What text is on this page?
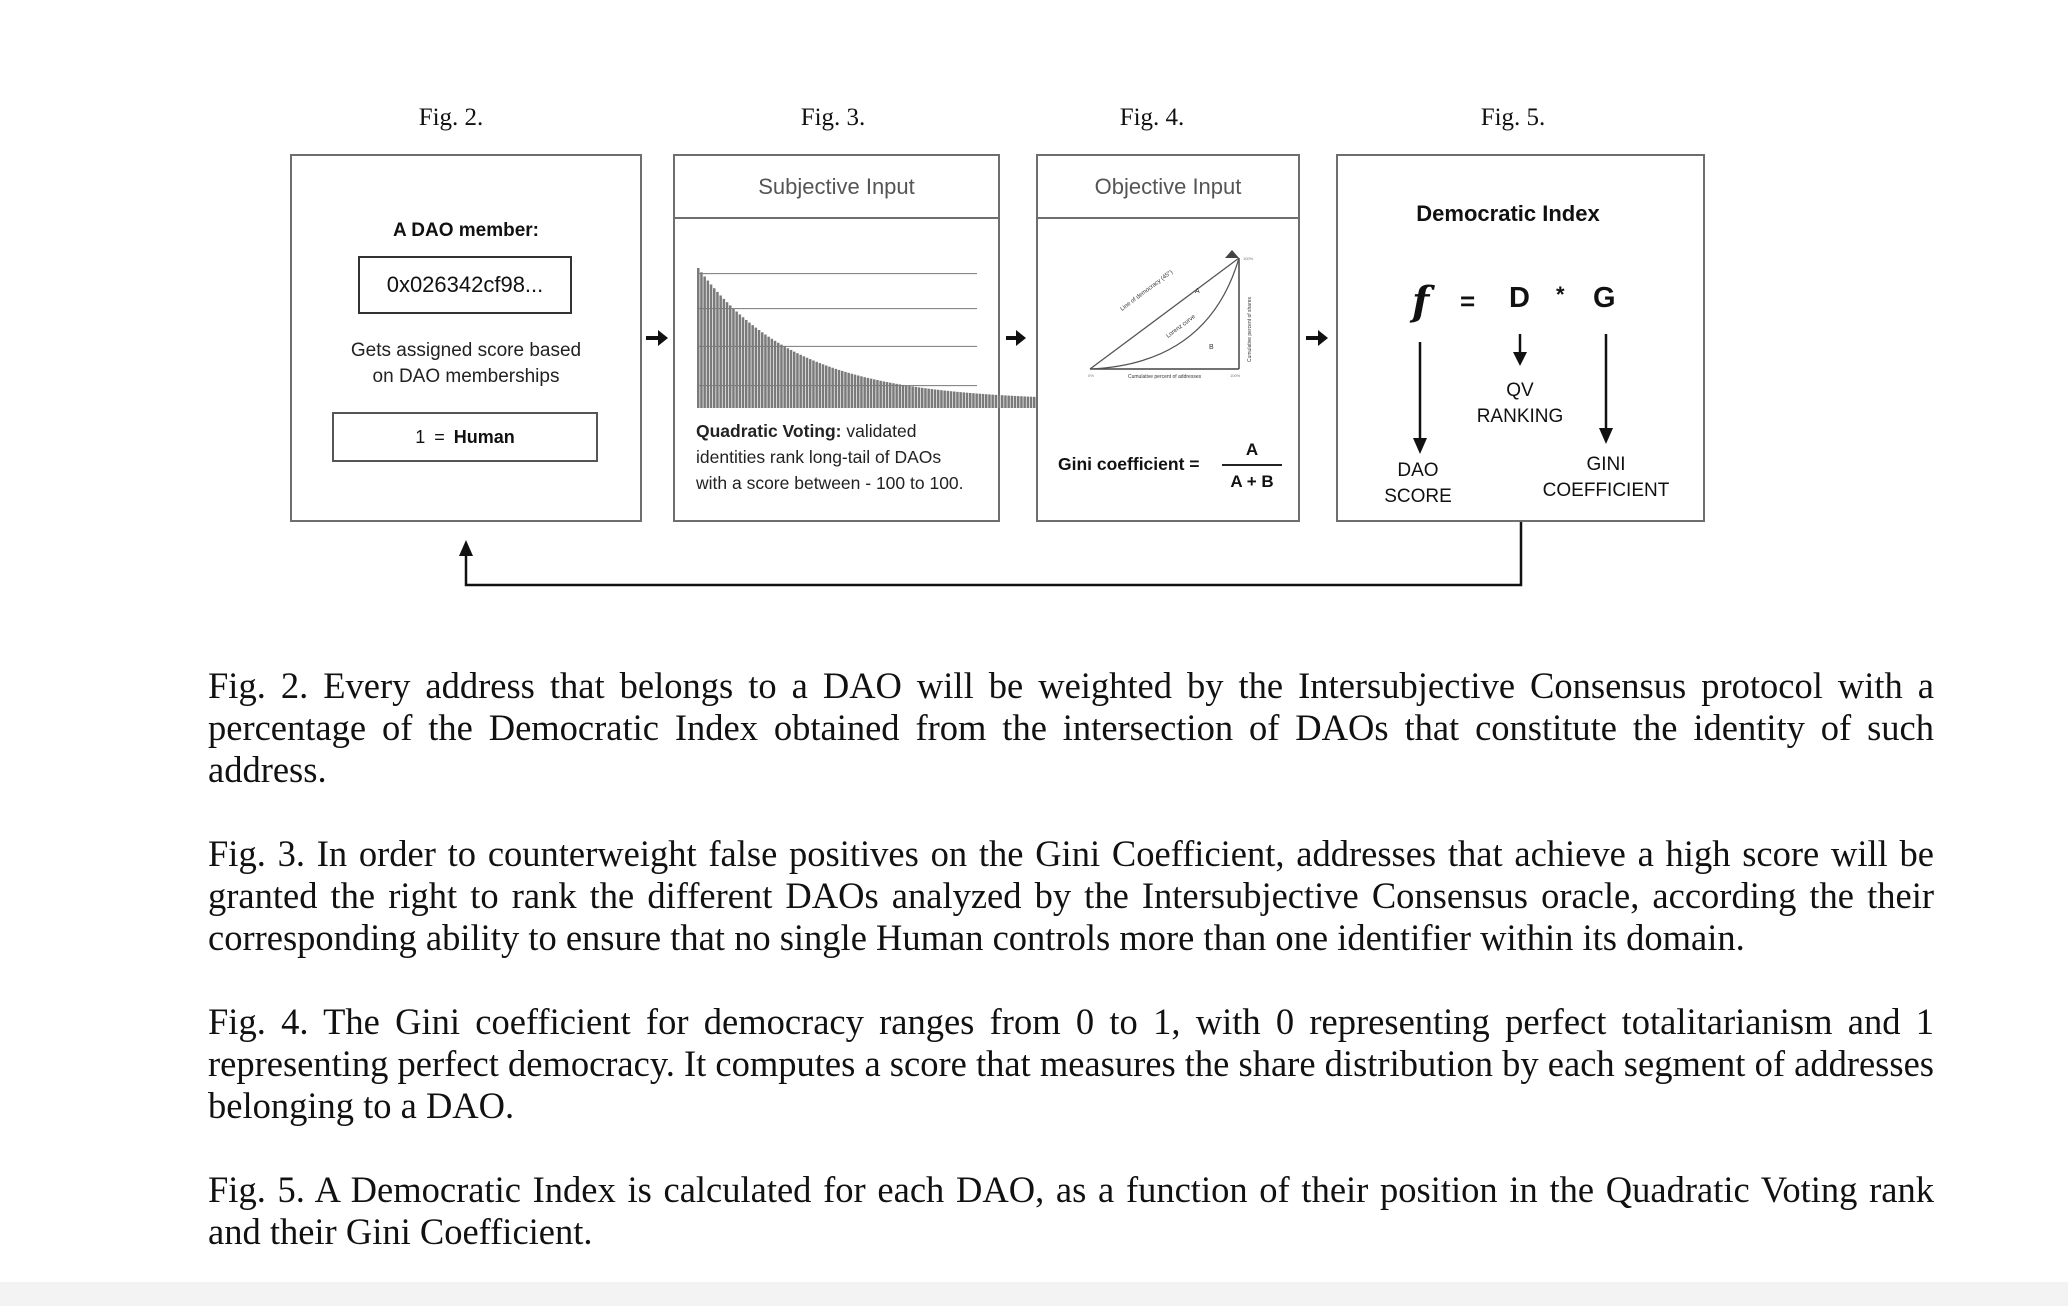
Fig. 2.	Fig. 3.	Fig. 4.	Fig. 5.
A DAO member:
0x026342cf98...
Gets assigned score based
on DAO memberships
1 = Human
Subjective Input
Quadratic Voting: validated
identities rank long-tail of DAOs
with a score between - 100 to 100.
Objective Input
Line of democracy (45°)
Lorenz curve
A
B
Cumulative percent of addresses
Cumulative percent of shares
0%	100%
100%
Gini coefficient = $\frac{A}{A + B}$
Democratic Index
f = D * G
QV
RANKING
DAO
SCORE
GINI
COEFFICIENT

Fig. 2. Every address that belongs to a DAO will be weighted by the Intersubjective Consensus protocol with a percentage of the Democratic Index obtained from the intersection of DAOs that constitute the identity of such address.

Fig. 3. In order to counterweight false positives on the Gini Coefficient, addresses that achieve a high score will be granted the right to rank the different DAOs analyzed by the Intersubjective Consensus oracle, according the their corresponding ability to ensure that no single Human controls more than one identifier within its domain.

Fig. 4. The Gini coefficient for democracy ranges from 0 to 1, with 0 representing perfect totalitarianism and 1 representing perfect democracy. It computes a score that measures the share distribution by each segment of addresses belonging to a DAO.

Fig. 5. A Democratic Index is calculated for each DAO, as a function of their position in the Quadratic Voting rank and their Gini Coefficient.
